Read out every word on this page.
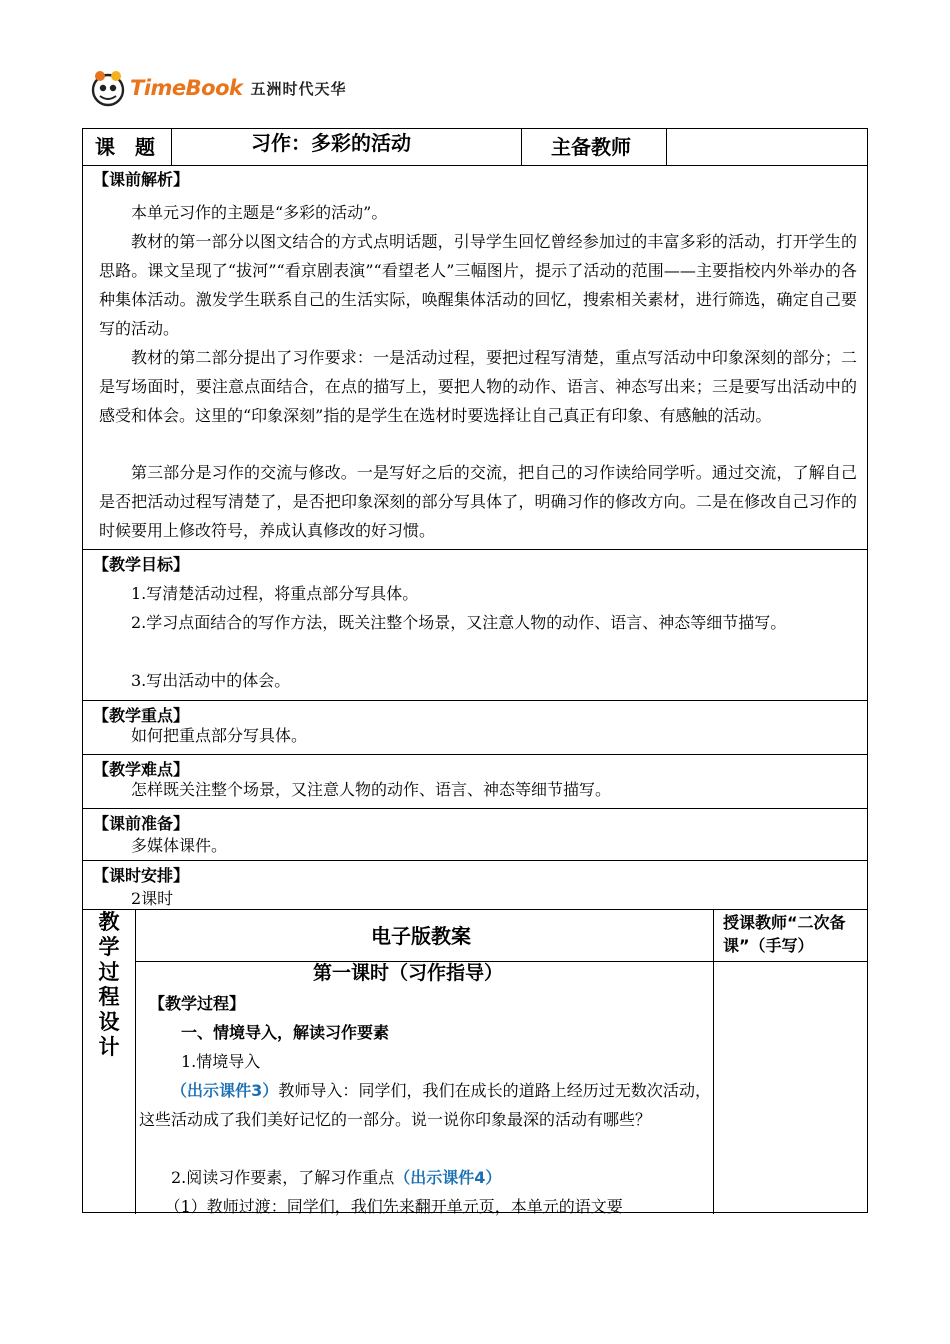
TimeBook 五洲时代天华
课　题	习作：多彩的活动	主备教师
【课前解析】
本单元习作的主题是“多彩的活动”。
教材的第一部分以图文结合的方式点明话题，引导学生回忆曾经参加过的丰富多彩的活动，打开学生的思路。课文呈现了“拔河”“看京剧表演”“看望老人”三幅图片，提示了活动的范围——主要指校内外举办的各种集体活动。激发学生联系自己的生活实际，唤醒集体活动的回忆，搜索相关素材，进行筛选，确定自己要写的活动。
教材的第二部分提出了习作要求：一是活动过程，要把过程写清楚，重点写活动中印象深刻的部分；二是写场面时，要注意点面结合，在点的描写上，要把人物的动作、语言、神态写出来；三是要写出活动中的感受和体会。这里的“印象深刻”指的是学生在选材时要选择让自己真正有印象、有感触的活动。
第三部分是习作的交流与修改。一是写好之后的交流，把自己的习作读给同学听。通过交流，了解自己是否把活动过程写清楚了，是否把印象深刻的部分写具体了，明确习作的修改方向。二是在修改自己习作的时候要用上修改符号，养成认真修改的好习惯。
【教学目标】
1.写清楚活动过程，将重点部分写具体。
2.学习点面结合的写作方法，既关注整个场景，又注意人物的动作、语言、神态等细节描写。
3.写出活动中的体会。
【教学重点】
如何把重点部分写具体。
【教学难点】
怎样既关注整个场景，又注意人物的动作、语言、神态等细节描写。
【课前准备】
多媒体课件。
【课时安排】
2课时
教
学
过
程
设
计
电子版教案
授课教师“二次备课”（手写）
第一课时（习作指导）
【教学过程】
一、情境导入，解读习作要素
1.情境导入
（出示课件3）教师导入：同学们，我们在成长的道路上经历过无数次活动，这些活动成了我们美好记忆的一部分。说一说你印象最深的活动有哪些？
2.阅读习作要素，了解习作重点（出示课件4）
（1）教师过渡：同学们，我们先来翻开单元页，本单元的语文要
